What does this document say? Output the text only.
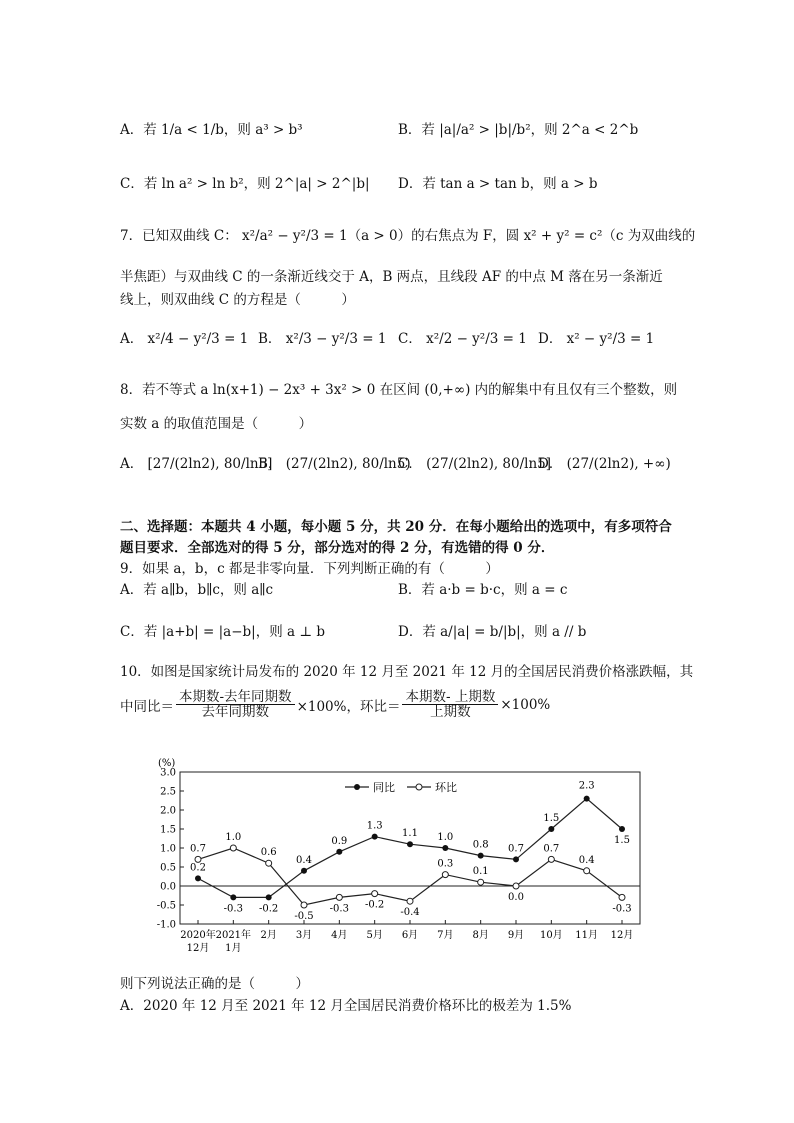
A．若 1/a < 1/b，则 a³ > b³	B．若 |a|/a² > |b|/b²，则 2^a < 2^b
C．若 ln a² > ln b²，则 2^|a| > 2^|b| D．若 tan a > tan b，则 a > b
7．已知双曲线 C： x²/a² − y²/3 = 1（a > 0）的右焦点为 F，圆 x² + y² = c²（c 为双曲线的
半焦距）与双曲线 C 的一条渐近线交于 A，B 两点，且线段 AF 的中点 M 落在另一条渐近
线上，则双曲线 C 的方程是（　　　）
A． x²/4 − y²/3 = 1 B． x²/3 − y²/3 = 1 C． x²/2 − y²/3 = 1 D． x² − y²/3 = 1
8．若不等式 a ln(x+1) − 2x³ + 3x² > 0 在区间 (0,+∞) 内的解集中有且仅有三个整数，则
实数 a 的取值范围是（　　　）
A． [27/(2ln2), 80/ln5]
B． (27/(2ln2), 80/ln5)
C． (27/(2ln2), 80/ln5]
D． (27/(2ln2), +∞)
二、选择题：本题共 4 小题，每小题 5 分，共 20 分．在每小题给出的选项中，有多项符合
题目要求．全部选对的得 5 分，部分选对的得 2 分，有选错的得 0 分．
9．如果 a，b，c 都是非零向量．下列判断正确的有（　　　）
A．若 a∥b，b∥c，则 a∥c	B．若 a·b = b·c，则 a = c
C．若 |a+b| = |a−b|，则 a ⊥ b	D．若 a/|a| = b/|b|，则 a // b
10．如图是国家统计局发布的 2020 年 12 月至 2021 年 12 月的全国居民消费价格涨跌幅，其
中同比＝ $\frac{\text{本期数-去年同期数}}{\text{去年同期数}} \times 100\%$，环比＝ $\frac{\text{本期数- 上期数}}{\text{上期数}} \times 100\%$
3.0
2.5
2.0
1.5
1.0
0.5
0.0
-0.5
-1.0
(%)
2020年
12月
2021年
1月
2月 3月 4月 5月 6月 7月 8月 9月 10月 11月 12月
同比	环比
0.2
-0.3 -0.2
0.4
0.9
1.3
1.1 1.0
0.8 0.7
1.5
2.3
1.5
0.7
1.0
0.6
-0.5
-0.3 -0.2
-0.4
0.3
0.1
0.0
0.7
0.4
-0.3
则下列说法正确的是（　　　）
A．2020 年 12 月至 2021 年 12 月全国居民消费价格环比的极差为 1.5%
